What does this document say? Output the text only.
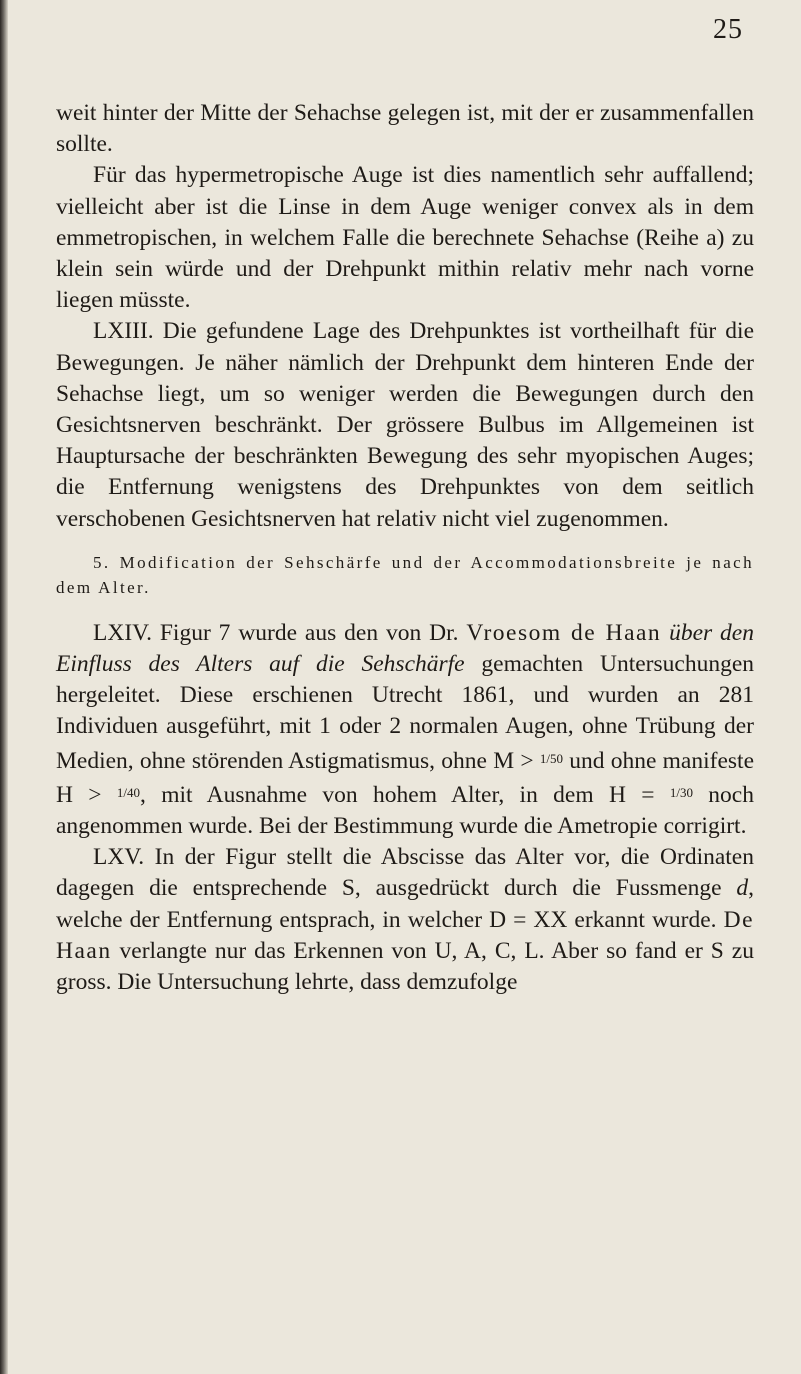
25

weit hinter der Mitte der Sehachse gelegen ist, mit der er zusammenfallen sollte.

Für das hypermetropische Auge ist dies namentlich sehr auffallend; vielleicht aber ist die Linse in dem Auge weniger convex als in dem emmetropischen, in welchem Falle die berechnete Sehachse (Reihe a) zu klein sein würde und der Drehpunkt mithin relativ mehr nach vorne liegen müsste.

LXIII. Die gefundene Lage des Drehpunktes ist vortheilhaft für die Bewegungen. Je näher nämlich der Drehpunkt dem hinteren Ende der Sehachse liegt, um so weniger werden die Bewegungen durch den Gesichtsnerven beschränkt. Der grössere Bulbus im Allgemeinen ist Hauptursache der beschränkten Bewegung des sehr myopischen Auges; die Entfernung wenigstens des Drehpunktes von dem seitlich verschobenen Gesichtsnerven hat relativ nicht viel zugenommen.

5. Modification der Sehschärfe und der Accommodationsbreite je nach dem Alter.

LXIV. Figur 7 wurde aus den von Dr. Vroesom de Haan über den Einfluss des Alters auf die Sehschärfe gemachten Untersuchungen hergeleitet. Diese erschienen Utrecht 1861, und wurden an 281 Individuen ausgeführt, mit 1 oder 2 normalen Augen, ohne Trübung der Medien, ohne störenden Astigmatismus, ohne M > $^{1/50}$ und ohne manifeste H > $^{1/40}$, mit Ausnahme von hohem Alter, in dem H = $^{1/30}$ noch angenommen wurde. Bei der Bestimmung wurde die Ametropie corrigirt.

LXV. In der Figur stellt die Abscisse das Alter vor, die Ordinaten dagegen die entsprechende S, ausgedrückt durch die Fussmenge d, welche der Entfernung entsprach, in welcher D = XX erkannt wurde. De Haan verlangte nur das Erkennen von U, A, C, L. Aber so fand er S zu gross. Die Untersuchung lehrte, dass demzufolge
